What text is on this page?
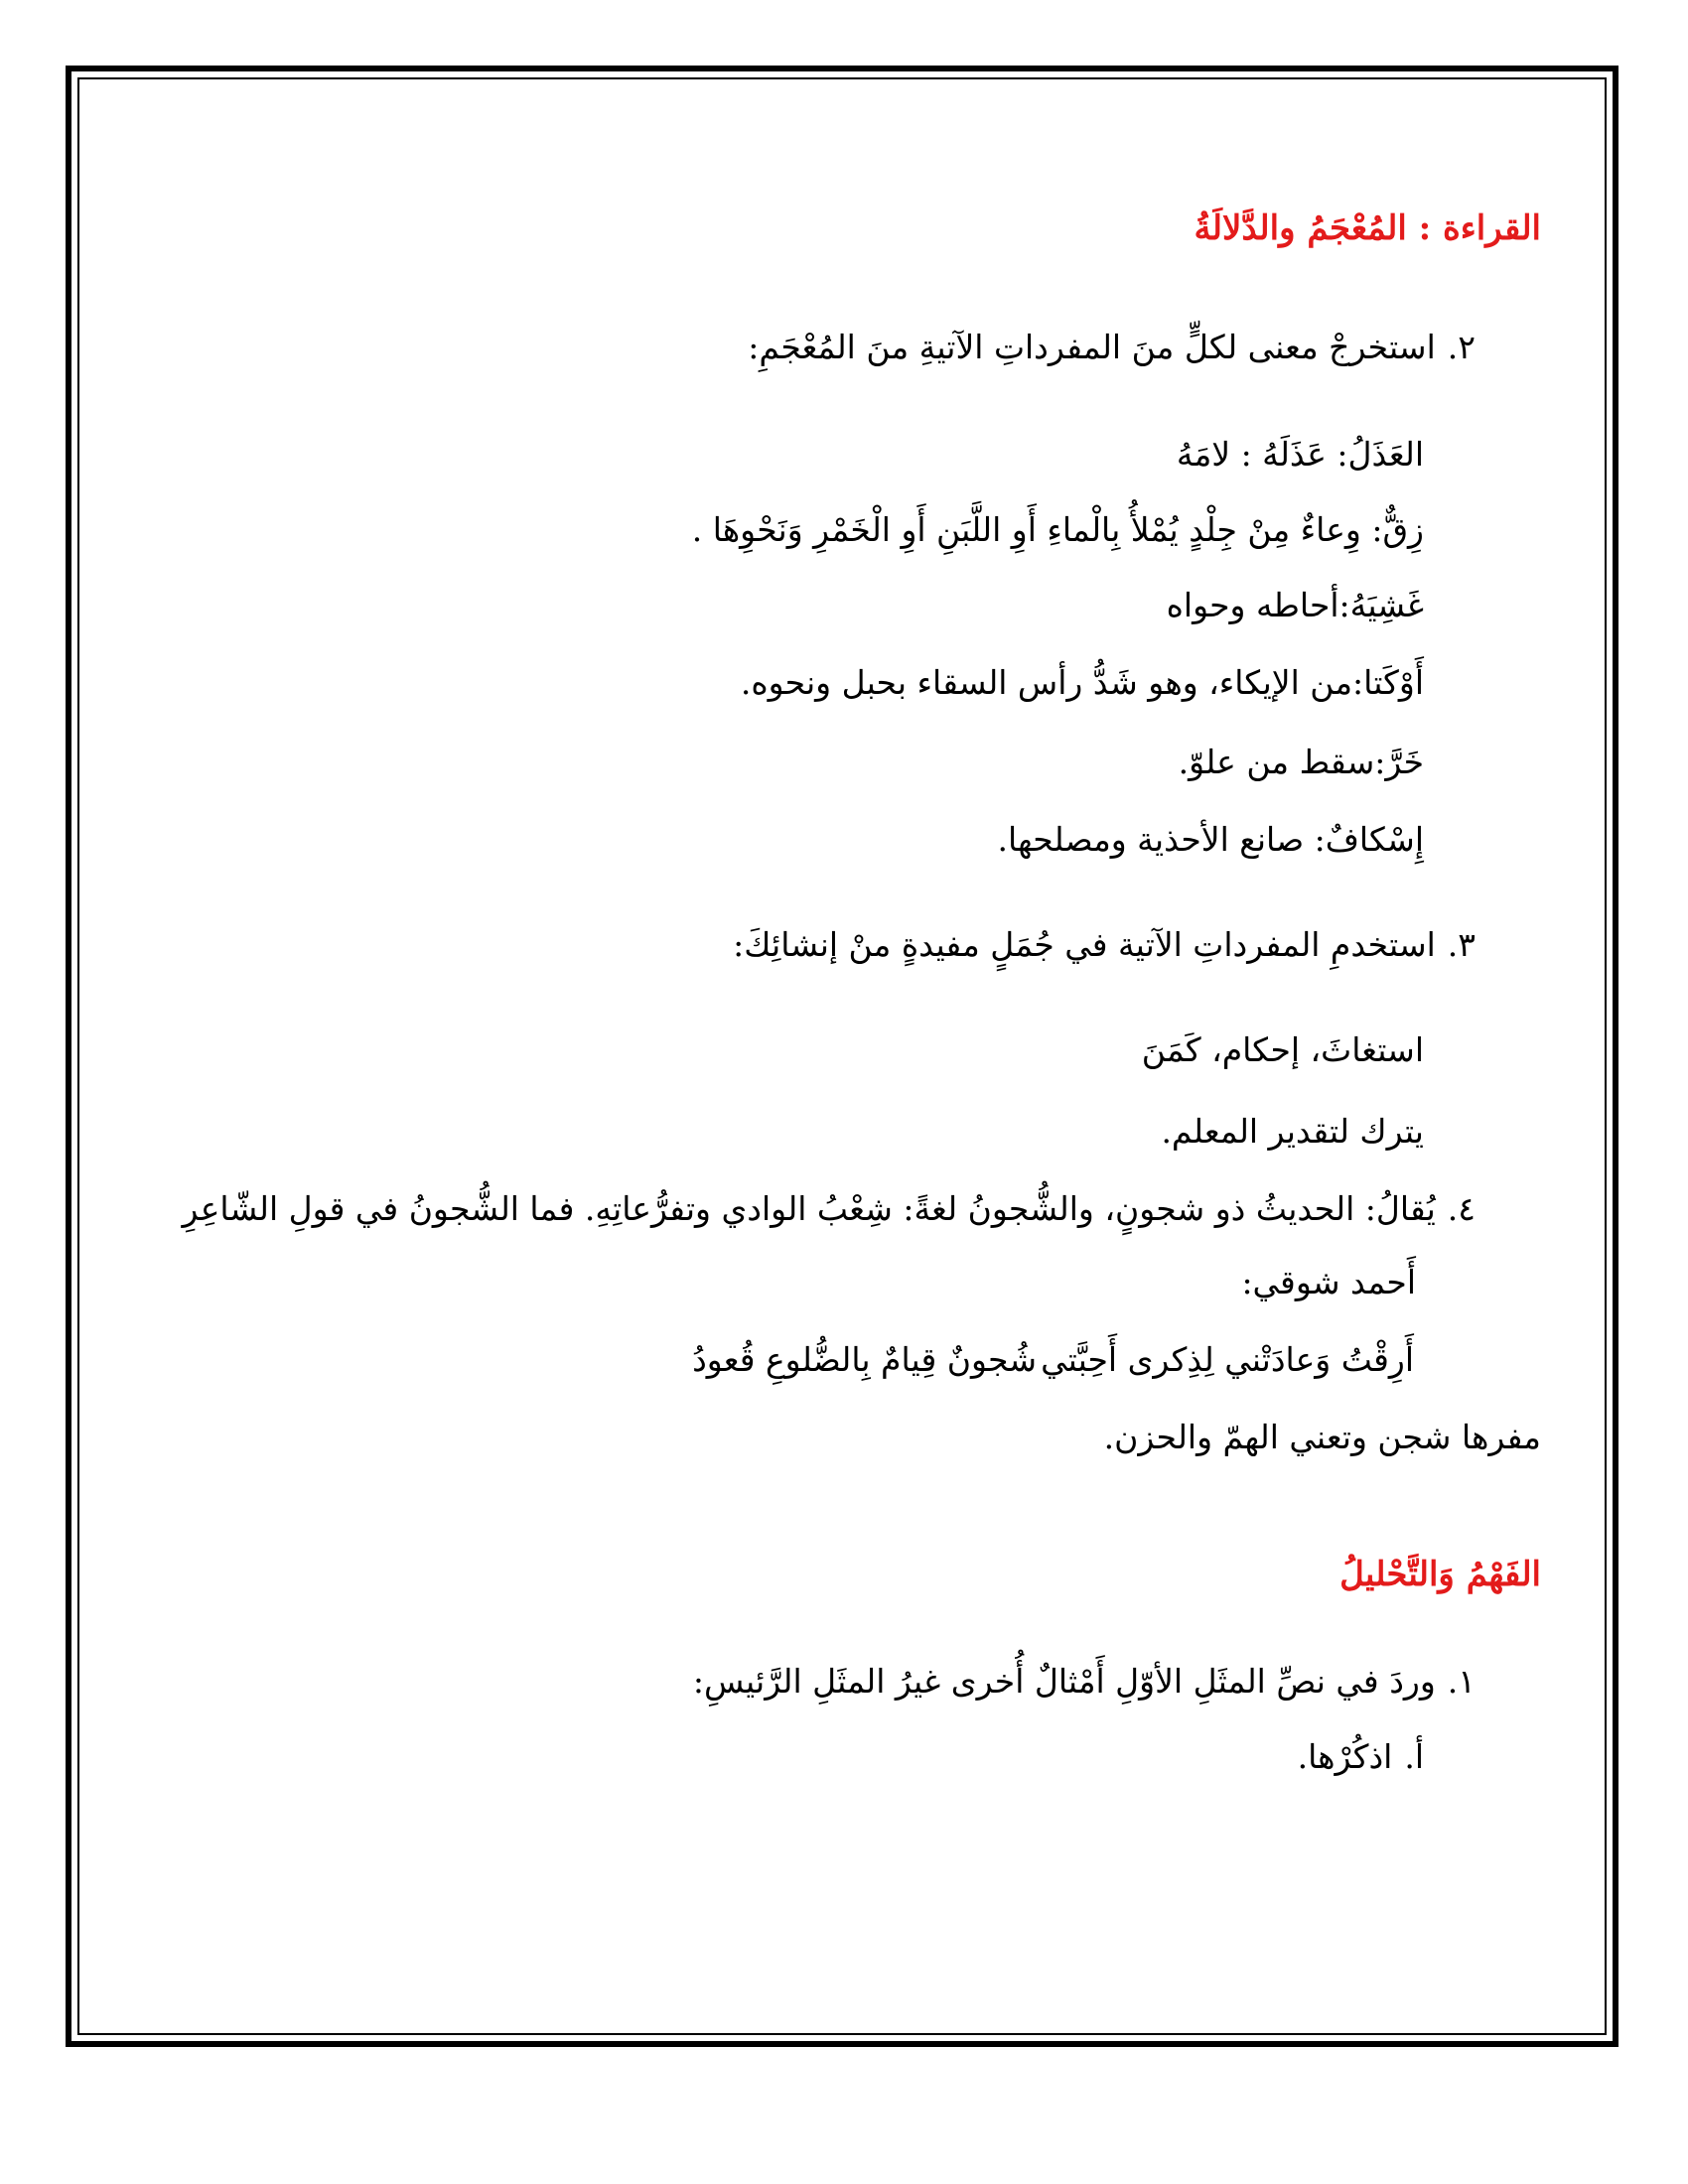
القراءة : المُعْجَمُ والدَّلالَةُ
٢.استخرجْ معنى لكلٍّ منَ المفرداتِ الآتيةِ منَ المُعْجَمِ:
العَذَلُ: عَذَلَهُ : لامَهُ
زِقٌّ: وِعاءٌ مِنْ جِلْدٍ يُمْلأُ بِالْماءِ أَوِ اللَّبَنِ أَوِ الْخَمْرِ وَنَحْوِهَا .
غَشِيَهُ:أحاطه وحواه
أَوْكَتا:من الإيكاء، وهو شَدُّ رأس السقاء بحبل ونحوه.
خَرَّ:سقط من علوّ.
إِسْكافٌ: صانع الأحذية ومصلحها.
٣.استخدمِ المفرداتِ الآتية في جُمَلٍ مفيدةٍ منْ إنشائِكَ:
استغاثَ، إحكام، كَمَنَ
يترك لتقدير المعلم.
٤.يُقالُ: الحديثُ ذو شجونٍ، والشُّجونُ لغةً: شِعْبُ الوادي وتفرُّعاتِهِ. فما الشُّجونُ في قولِ الشّاعِرِ
أَحمد شوقي:
أَرِقْتُ وَعادَتْني لِذِكرى أَحِبَّتي
شُجونٌ قِيامٌ بِالضُّلوعِ قُعودُ
مفرها شجن وتعني الهمّ والحزن.
الفَهْمُ وَالتَّحْليلُ
١.وردَ في نصِّ المثَلِ الأوّلِ أَمْثالٌ أُخرى غيرُ المثَلِ الرَّئيسِ:
أ.اذكُرْها.
